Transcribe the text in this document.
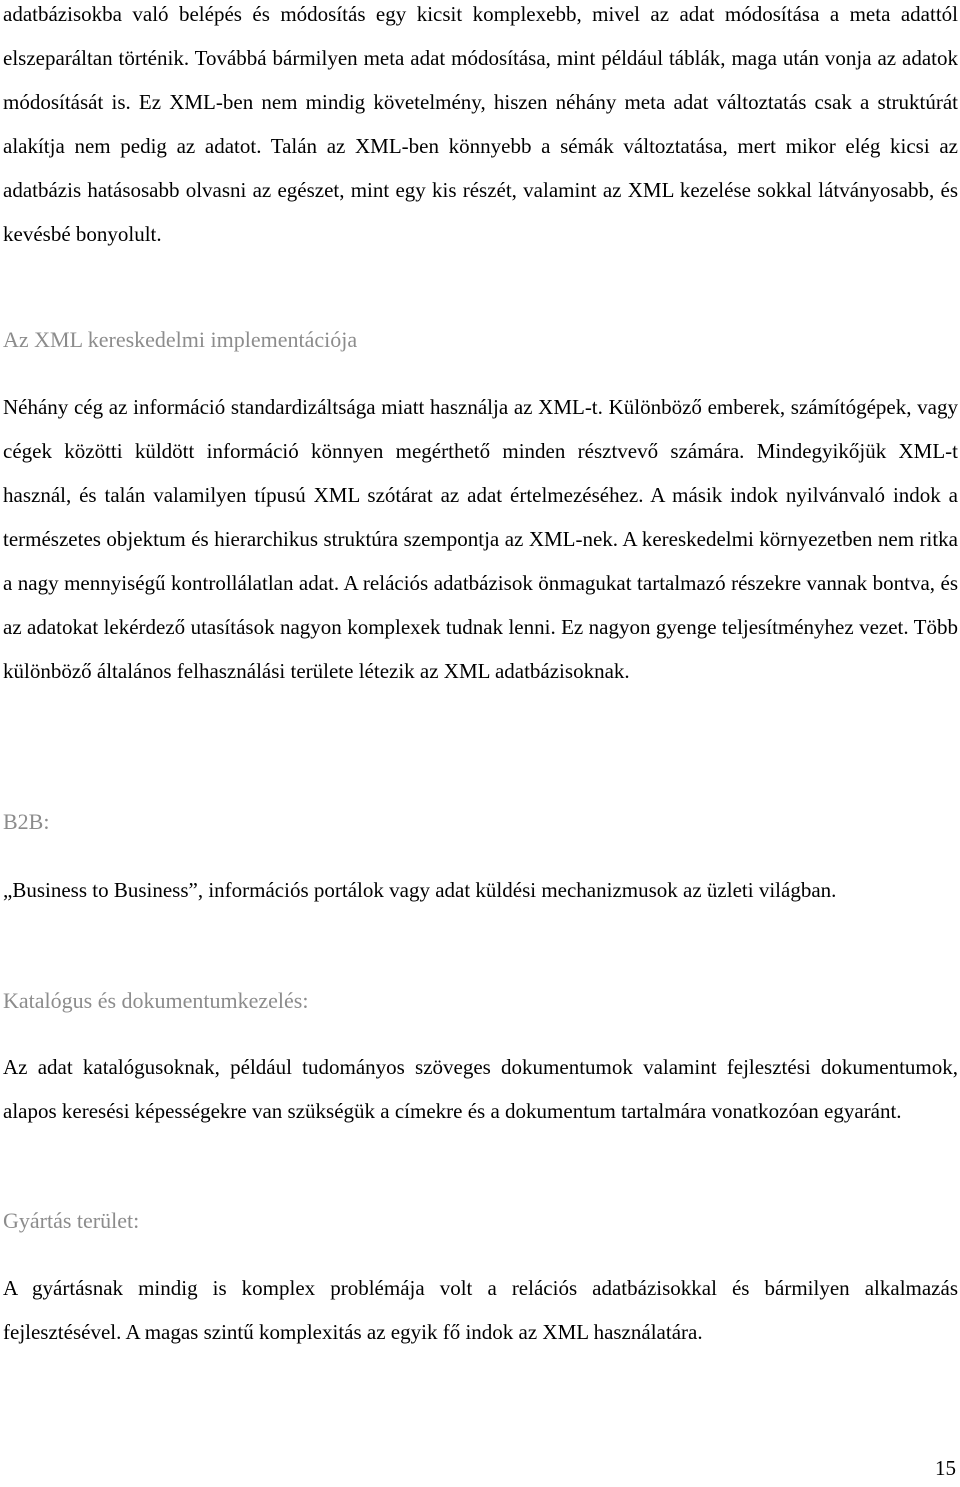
adatbázisokba való belépés és módosítás egy kicsit komplexebb, mivel az adat módosítása a meta adattól elszeparáltan történik. Továbbá bármilyen meta adat módosítása, mint például táblák, maga után vonja az adatok módosítását is. Ez XML-ben nem mindig követelmény, hiszen néhány meta adat változtatás csak a struktúrát alakítja nem pedig az adatot. Talán az XML-ben könnyebb a sémák változtatása, mert mikor elég kicsi az adatbázis hatásosabb olvasni az egészet, mint egy kis részét, valamint az XML kezelése sokkal látványosabb, és kevésbé bonyolult.

Az XML kereskedelmi implementációja

Néhány cég az információ standardizáltsága miatt használja az XML-t. Különböző emberek, számítógépek, vagy cégek közötti küldött információ könnyen megérthető minden résztvevő számára. Mindegyikőjük XML-t használ, és talán valamilyen típusú XML szótárat az adat értelmezéséhez. A másik indok nyilvánvaló indok a természetes objektum és hierarchikus struktúra szempontja az XML-nek. A kereskedelmi környezetben nem ritka a nagy mennyiségű kontrollálatlan adat. A relációs adatbázisok önmagukat tartalmazó részekre vannak bontva, és az adatokat lekérdező utasítások nagyon komplexek tudnak lenni. Ez nagyon gyenge teljesítményhez vezet. Több különböző általános felhasználási területe létezik az XML adatbázisoknak.

B2B:

„Business to Business”, információs portálok vagy adat küldési mechanizmusok az üzleti világban.

Katalógus és dokumentumkezelés:

Az adat katalógusoknak, például tudományos szöveges dokumentumok valamint fejlesztési dokumentumok, alapos keresési képességekre van szükségük a címekre és a dokumentum tartalmára vonatkozóan egyaránt.

Gyártás terület:

A gyártásnak mindig is komplex problémája volt a relációs adatbázisokkal és bármilyen alkalmazás fejlesztésével. A magas szintű komplexitás az egyik fő indok az XML használatára.

15
